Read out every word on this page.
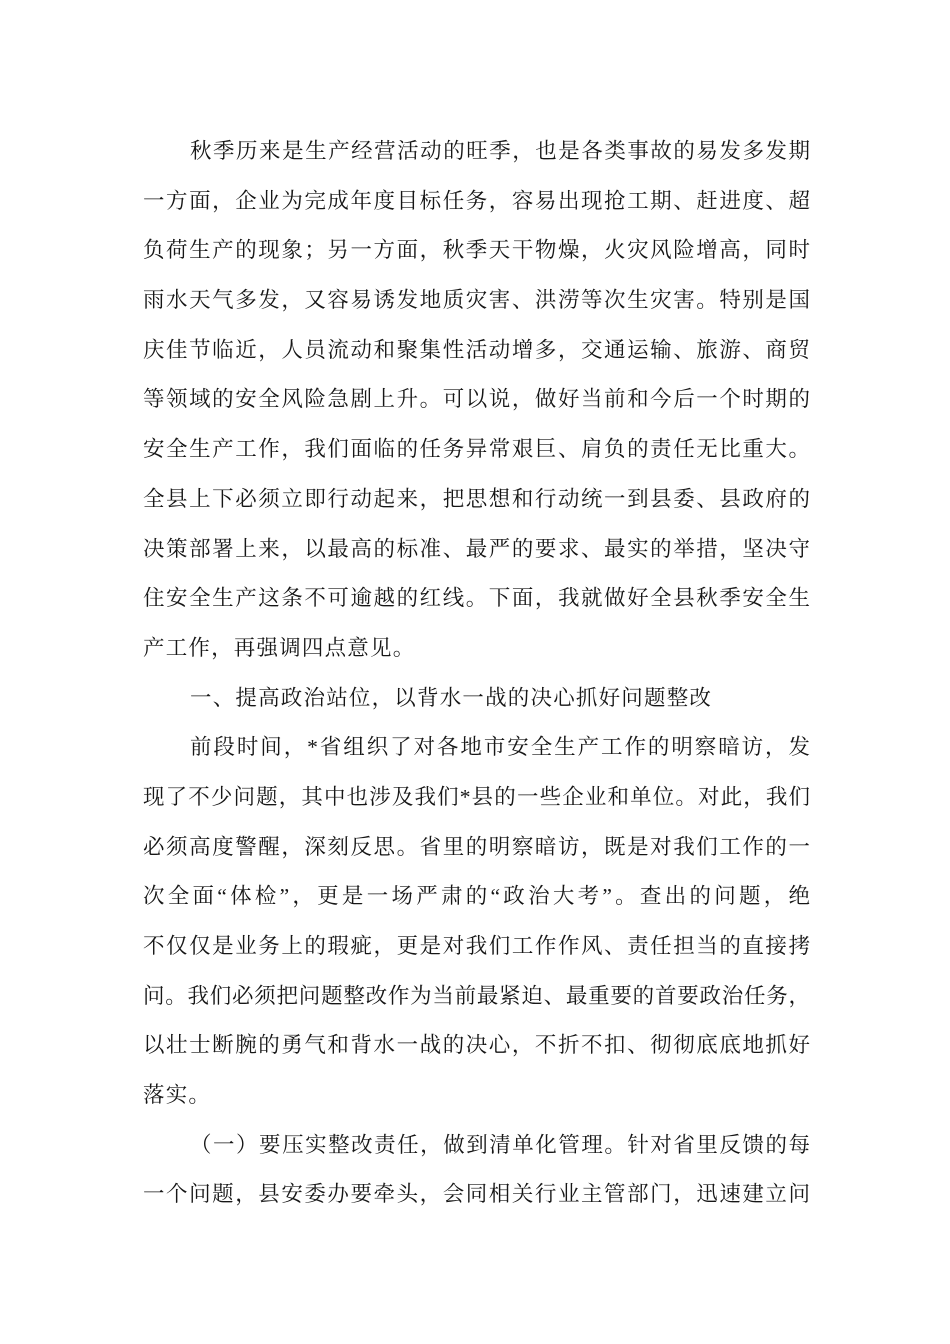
秋季历来是生产经营活动的旺季，也是各类事故的易发多发期
一方面，企业为完成年度目标任务，容易出现抢工期、赶进度、超
负荷生产的现象；另一方面，秋季天干物燥，火灾风险增高，同时
雨水天气多发，又容易诱发地质灾害、洪涝等次生灾害。特别是国
庆佳节临近，人员流动和聚集性活动增多，交通运输、旅游、商贸
等领域的安全风险急剧上升。可以说，做好当前和今后一个时期的
安全生产工作，我们面临的任务异常艰巨、肩负的责任无比重大。
全县上下必须立即行动起来，把思想和行动统一到县委、县政府的
决策部署上来，以最高的标准、最严的要求、最实的举措，坚决守
住安全生产这条不可逾越的红线。下面，我就做好全县秋季安全生
产工作，再强调四点意见。
一、提高政治站位，以背水一战的决心抓好问题整改
前段时间，*省组织了对各地市安全生产工作的明察暗访，发
现了不少问题，其中也涉及我们*县的一些企业和单位。对此，我们
必须高度警醒，深刻反思。省里的明察暗访，既是对我们工作的一
次全面“体检”，更是一场严肃的“政治大考”。查出的问题，绝
不仅仅是业务上的瑕疵，更是对我们工作作风、责任担当的直接拷
问。我们必须把问题整改作为当前最紧迫、最重要的首要政治任务，
以壮士断腕的勇气和背水一战的决心，不折不扣、彻彻底底地抓好
落实。
（一）要压实整改责任，做到清单化管理。针对省里反馈的每
一个问题，县安委办要牵头，会同相关行业主管部门，迅速建立问
